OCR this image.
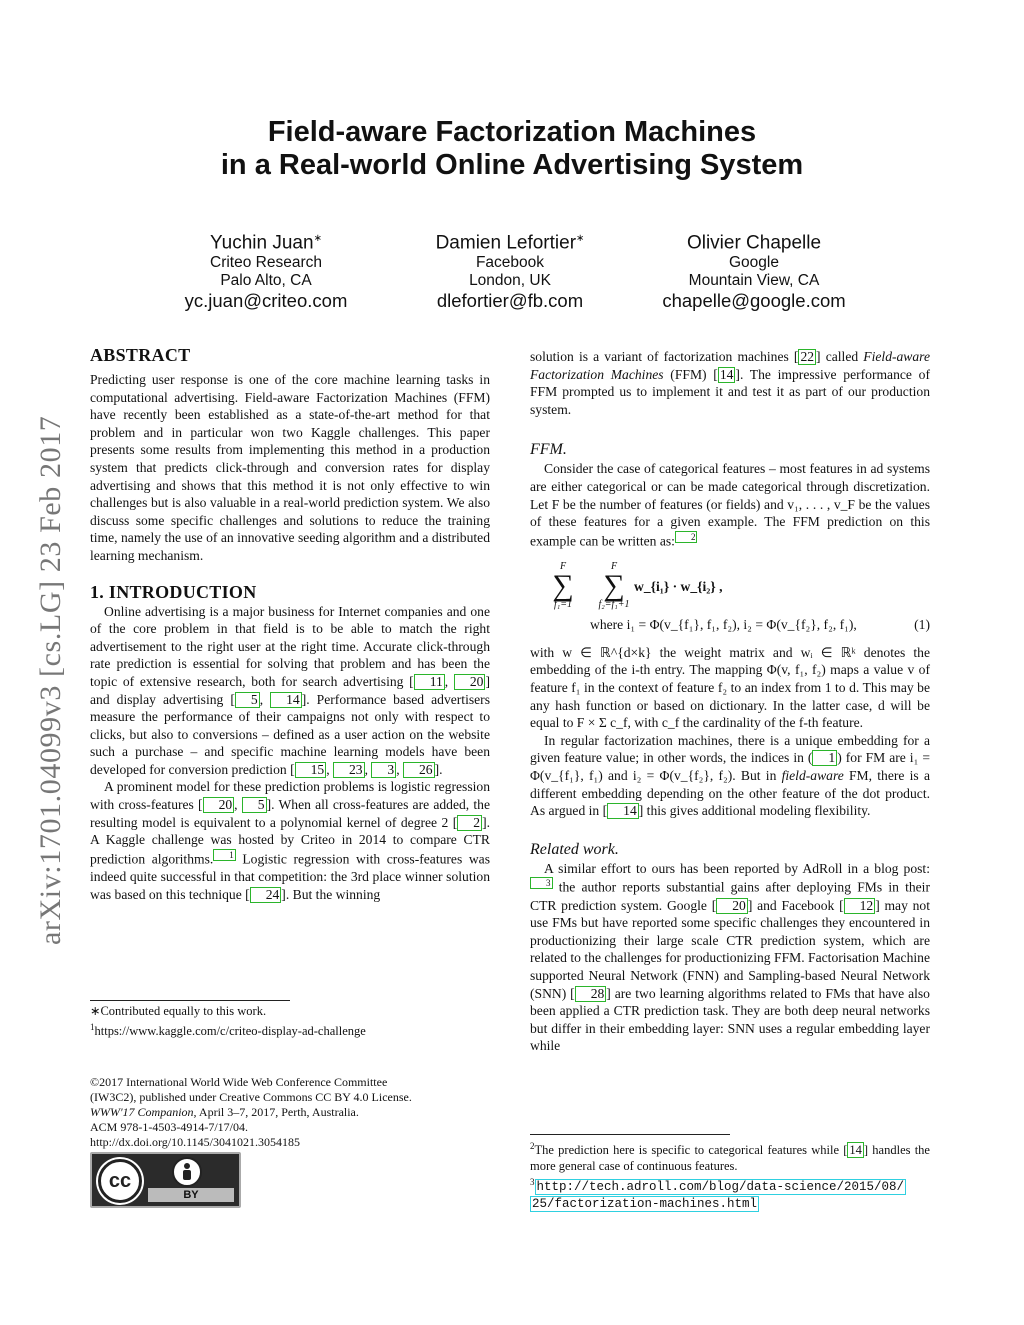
Field-aware Factorization Machines
in a Real-world Online Advertising System
Yuchin Juan∗
Criteo Research
Palo Alto, CA
yc.juan@criteo.com
Damien Lefortier∗
Facebook
London, UK
dlefortier@fb.com
Olivier Chapelle
Google
Mountain View, CA
chapelle@google.com
arXiv:1701.04099v3 [cs.LG] 23 Feb 2017
ABSTRACT

Predicting user response is one of the core machine learning tasks in computational advertising. Field-aware Factorization Machines (FFM) have recently been established as a state-of-the-art method for that problem and in particular won two Kaggle challenges. This paper presents some results from implementing this method in a production system that predicts click-through and conversion rates for display advertising and shows that this method it is not only effective to win challenges but is also valuable in a real-world prediction system. We also discuss some specific challenges and solutions to reduce the training time, namely the use of an innovative seeding algorithm and a distributed learning mechanism.

1. INTRODUCTION

Online advertising is a major business for Internet companies and one of the core problem in that field is to be able to match the right advertisement to the right user at the right time. Accurate click-through rate prediction is essential for solving that problem and has been the topic of extensive research, both for search advertising [ 11 , 20 ] and display advertising [ 5 , 14 ]. Performance based advertisers measure the performance of their campaigns not only with respect to clicks, but also to conversions – defined as a user action on the website such a purchase – and specific machine learning models have been developed for conversion prediction [ 15 , 23 , 3 , 26 ].

A prominent model for these prediction problems is logistic regression with cross-features [ 20 , 5 ]. When all cross-features are added, the resulting model is equivalent to a polynomial kernel of degree 2 [ 2 ]. A Kaggle challenge was hosted by Criteo in 2014 to compare CTR prediction algorithms. $^1$ Logistic regression with cross-features was indeed quite successful in that competition: the 3rd place winner solution was based on this technique [ 24 ]. But the winning

∗Contributed equally to this work.
$^1$https://www.kaggle.com/c/criteo-display-ad-challenge
©2017 International World Wide Web Conference Committee
(IW3C2), published under Creative Commons CC BY 4.0 License.
WWW'17 Companion, April 3–7, 2017, Perth, Australia.
ACM 978-1-4503-4914-7/17/04.
http://dx.doi.org/10.1145/3041021.3054185
cc
BY

solution is a variant of factorization machines [ 22 ] called Field-aware Factorization Machines (FFM) [ 14 ]. The impressive performance of FFM prompted us to implement it and test it as part of our production system.

FFM.

Consider the case of categorical features – most features in ad systems are either categorical or can be made categorical through discretization. Let F be the number of features (or fields) and v₁, . . . , v_F be the values of these features for a given example. The FFM prediction on this example can be written as: $^2$

F
∑
f₁=1
F
∑
f₂=f₁+1
w_{i₁} · w_{i₂} ,
where i₁ = Φ(v_{f₁}, f₁, f₂), i₂ = Φ(v_{f₂}, f₂, f₁),	(1)

with w ∈ ℝ^{d×k} the weight matrix and wᵢ ∈ ℝᵏ denotes the embedding of the i-th entry. The mapping Φ(v, f₁, f₂) maps a value v of feature f₁ in the context of feature f₂ to an index from 1 to d. This may be any hash function or based on dictionary. In the latter case, d will be equal to F × Σ c_f, with c_f the cardinality of the f-th feature.

In regular factorization machines, there is a unique embedding for a given feature value; in other words, the indices in ( 1 ) for FM are i₁ = Φ(v_{f₁}, f₁) and i₂ = Φ(v_{f₂}, f₂). But in field-aware FM, there is a different embedding depending on the other feature of the dot product. As argued in [ 14 ] this gives additional modeling flexibility.

Related work.

A similar effort to ours has been reported by AdRoll in a blog post:$^3$ the author reports substantial gains after deploying FMs in their CTR prediction system. Google [ 20 ] and Facebook [ 12 ] may not use FMs but have reported some specific challenges they encountered in productionizing their large scale CTR prediction system, which are related to the challenges for productionizing FFM. Factorisation Machine supported Neural Network (FNN) and Sampling-based Neural Network (SNN) [ 28 ] are two learning algorithms related to FMs that have also been applied a CTR prediction task. They are both deep neural networks but differ in their embedding layer: SNN uses a regular embedding layer while

$^2$The prediction here is specific to categorical features while [ 14 ] handles the more general case of continuous features.
$^3$ http://tech.adroll.com/blog/data-science/2015/08/
25/factorization-machines.html
